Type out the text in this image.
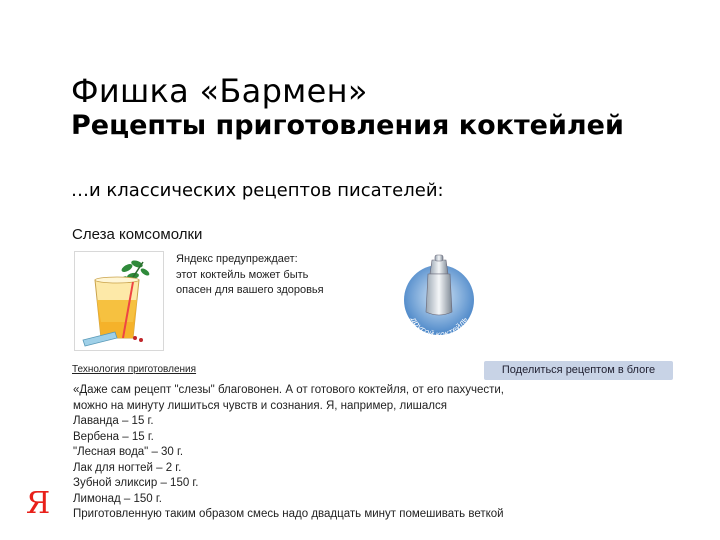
Фишка «Бармен»
Рецепты приготовления коктейлей
…и классических рецептов писателей:
Слеза комсомолки
Яндекс предупреждает:
этот коктейль может быть
опасен для вашего здоровья
другой коктейль
Технология приготовления	Поделиться рецептом в блоге

«Даже сам рецепт "слезы" благовонен. А от готового коктейля, от его пахучести,

можно на минуту лишиться чувств и сознания. Я, например, лишался

Лаванда – 15 г.

Вербена – 15 г.

"Лесная вода" – 30 г.

Лак для ногтей – 2 г.

Зубной эликсир – 150 г.

Лимонад – 150 г.

Приготовленную таким образом смесь надо двадцать минут помешивать веткой

Я
